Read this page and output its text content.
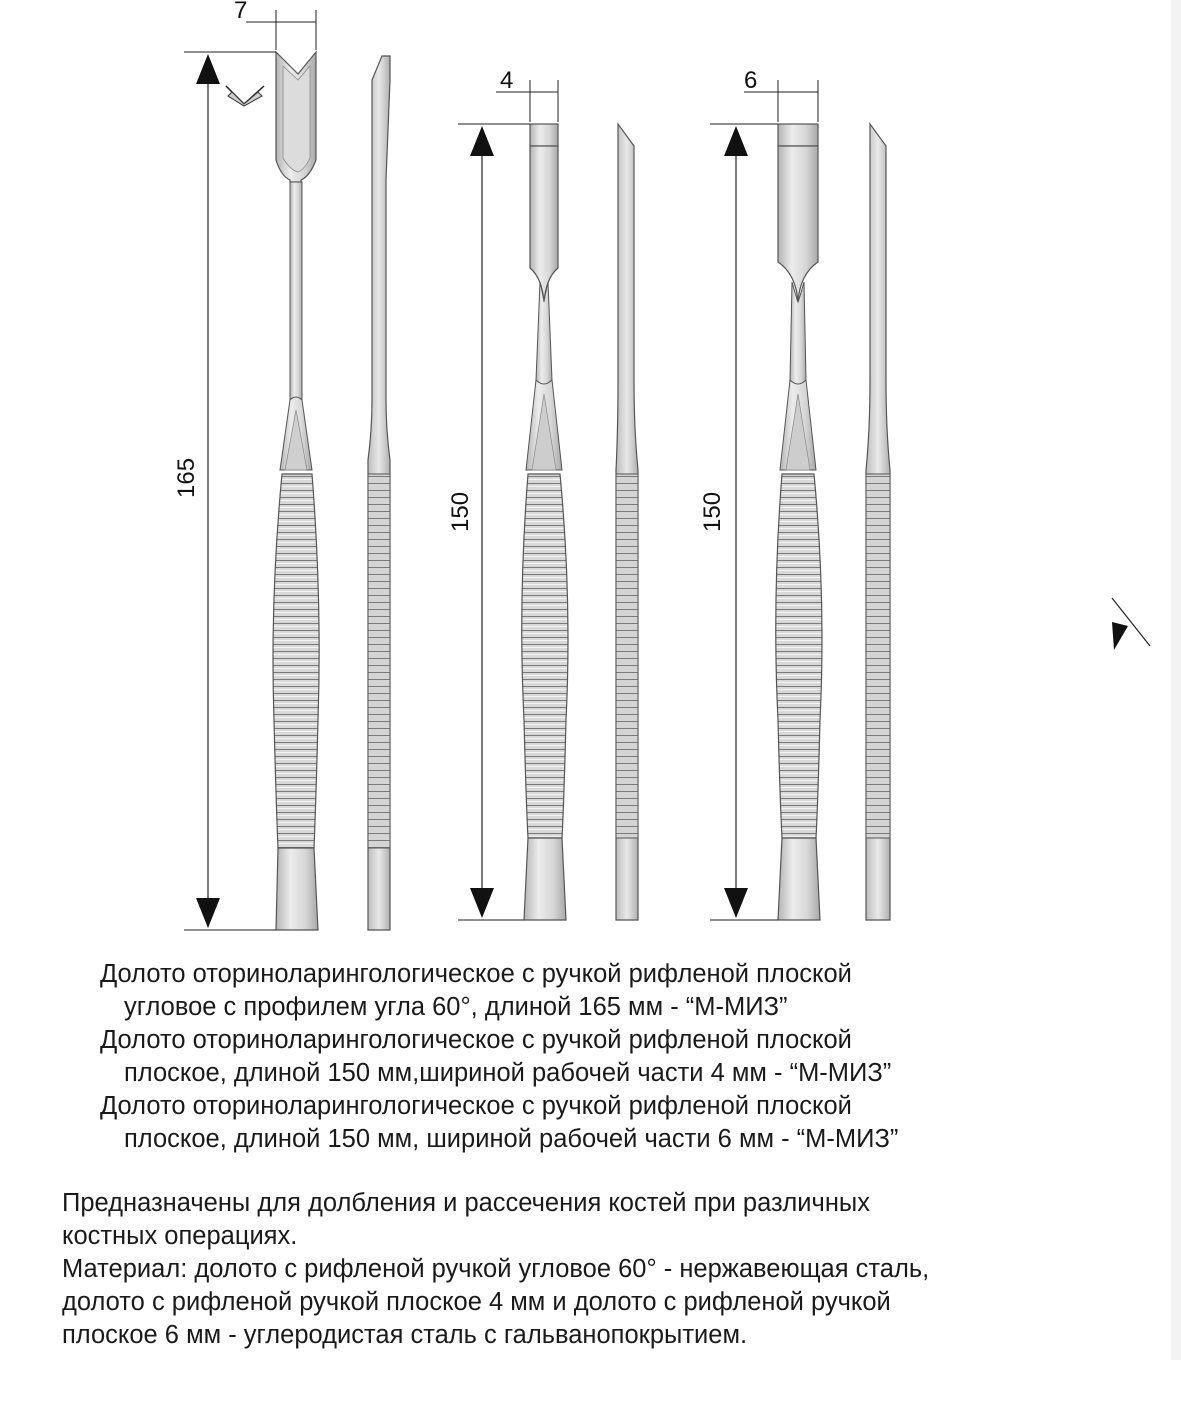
7
165
4
150
6
150
Долото оториноларингологическое с ручкой рифленой плоской
угловое с профилем угла 60°, длиной 165 мм - “М-МИЗ”
Долото оториноларингологическое с ручкой рифленой плоской
плоское, длиной 150 мм,шириной рабочей части 4 мм - “М-МИЗ”
Долото оториноларингологическое с ручкой рифленой плоской
плоское, длиной 150 мм, шириной рабочей части 6 мм - “М-МИЗ”
Предназначены для долбления и рассечения костей при различных
костных операциях.
Материал: долото с рифленой ручкой угловое 60° - нержавеющая сталь,
долото с рифленой ручкой плоское 4 мм и долото с рифленой ручкой
плоское 6 мм - углеродистая сталь с гальванопокрытием.
